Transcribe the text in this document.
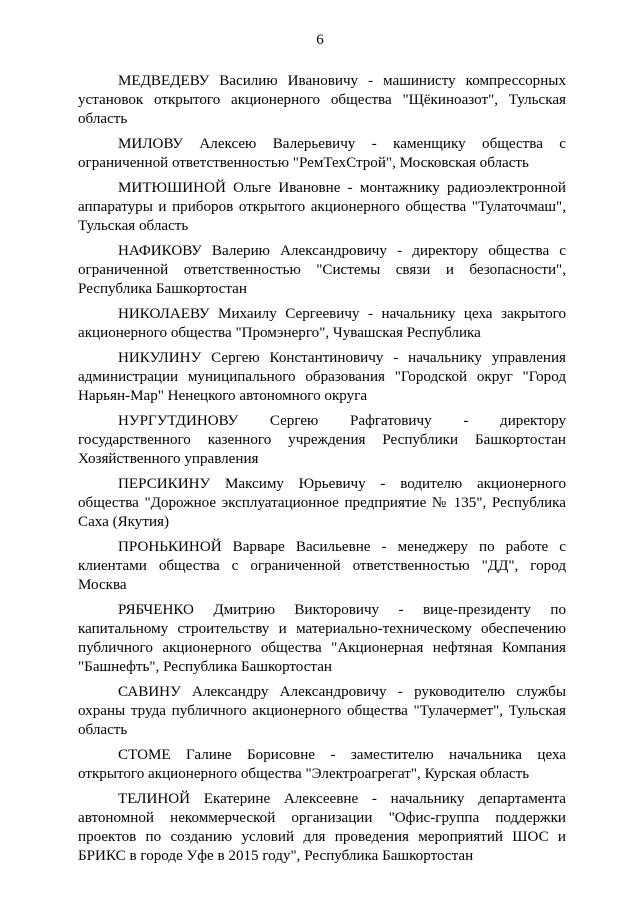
6

МЕДВЕДЕВУ Василию Ивановичу - машинисту компрессорных установок открытого акционерного общества "Щёкиноазот", Тульская область

МИЛОВУ Алексею Валерьевичу - каменщику общества с ограниченной ответственностью "РемТехСтрой", Московская область

МИТЮШИНОЙ Ольге Ивановне - монтажнику радиоэлектронной аппаратуры и приборов открытого акционерного общества "Тулаточмаш", Тульская область

НАФИКОВУ Валерию Александровичу - директору общества с ограниченной ответственностью "Системы связи и безопасности", Республика Башкортостан

НИКОЛАЕВУ Михаилу Сергеевичу - начальнику цеха закрытого акционерного общества "Промэнерго", Чувашская Республика

НИКУЛИНУ Сергею Константиновичу - начальнику управления администрации муниципального образования "Городской округ "Город Нарьян-Мар" Ненецкого автономного округа

НУРГУТДИНОВУ Сергею Рафгатовичу - директору государственного казенного учреждения Республики Башкортостан Хозяйственного управления

ПЕРСИКИНУ Максиму Юрьевичу - водителю акционерного общества "Дорожное эксплуатационное предприятие № 135", Республика Саха (Якутия)

ПРОНЬКИНОЙ Варваре Васильевне - менеджеру по работе с клиентами общества с ограниченной ответственностью "ДД", город Москва

РЯБЧЕНКО Дмитрию Викторовичу - вице-президенту по капитальному строительству и материально-техническому обеспечению публичного акционерного общества "Акционерная нефтяная Компания "Башнефть", Республика Башкортостан

САВИНУ Александру Александровичу - руководителю службы охраны труда публичного акционерного общества "Тулачермет", Тульская область

СТОМЕ Галине Борисовне - заместителю начальника цеха открытого акционерного общества "Электроагрегат", Курская область

ТЕЛИНОЙ Екатерине Алексеевне - начальнику департамента автономной некоммерческой организации "Офис-группа поддержки проектов по созданию условий для проведения мероприятий ШОС и БРИКС в городе Уфе в 2015 году", Республика Башкортостан
